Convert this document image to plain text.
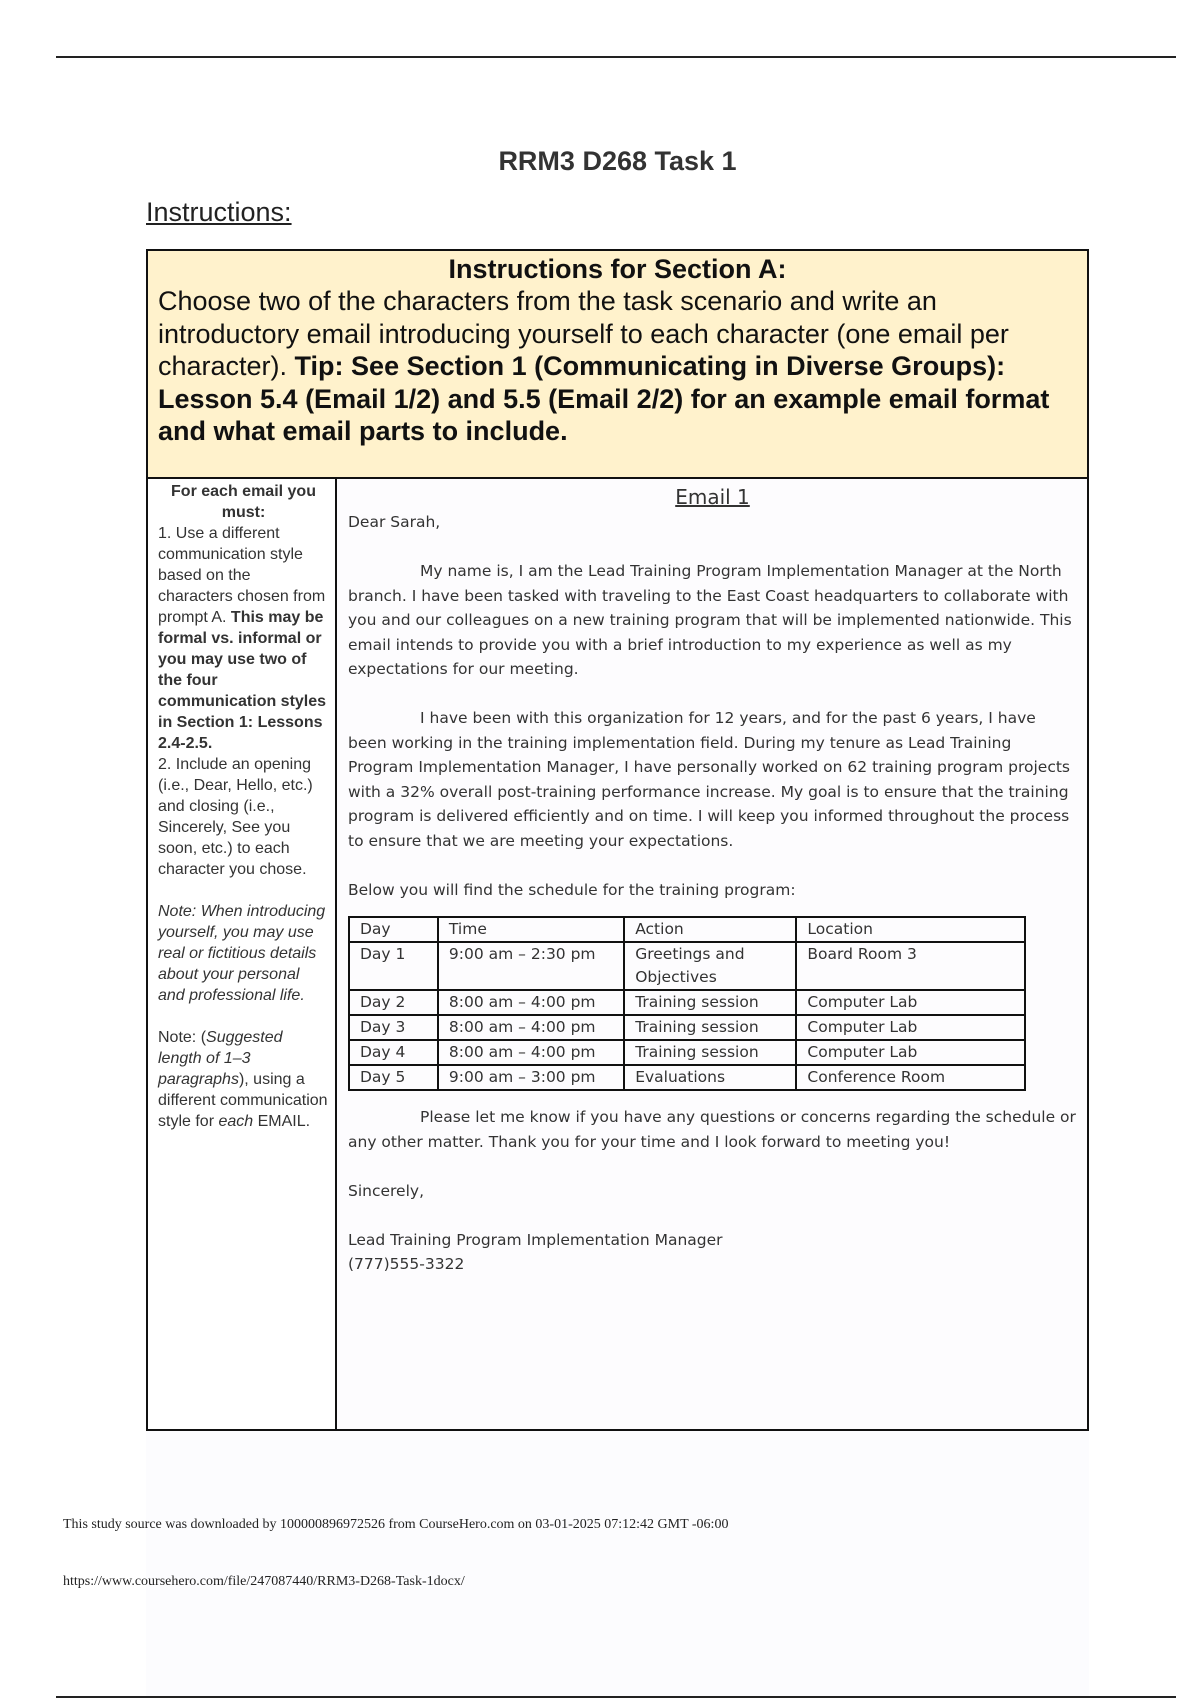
RRM3 D268 Task 1
Instructions:
Instructions for Section A:
Choose two of the characters from the task scenario and write an introductory email introducing yourself to each character (one email per character). Tip: See Section 1 (Communicating in Diverse Groups): Lesson 5.4 (Email 1/2) and 5.5 (Email 2/2) for an example email format and what email parts to include.
For each email you must:

1. Use a different communication style based on the characters chosen from prompt A. This may be formal vs. informal or you may use two of the four communication styles in Section 1: Lessons 2.4-2.5.

2. Include an opening (i.e., Dear, Hello, etc.) and closing (i.e., Sincerely, See you soon, etc.) to each character you chose.

Note: When introducing yourself, you may use real or fictitious details about your personal and professional life.

Note: (Suggested length of 1–3 paragraphs), using a different communication style for each EMAIL.

Email 1

Dear Sarah,

My name is, I am the Lead Training Program Implementation Manager at the North branch. I have been tasked with traveling to the East Coast headquarters to collaborate with you and our colleagues on a new training program that will be implemented nationwide. This email intends to provide you with a brief introduction to my experience as well as my expectations for our meeting.

I have been with this organization for 12 years, and for the past 6 years, I have been working in the training implementation field. During my tenure as Lead Training Program Implementation Manager, I have personally worked on 62 training program projects with a 32% overall post-training performance increase. My goal is to ensure that the training program is delivered efficiently and on time. I will keep you informed throughout the process to ensure that we are meeting your expectations.

Below you will find the schedule for the training program:

Day	Time	Action	Location
Day 1	9:00 am – 2:30 pm	Greetings and Objectives	Board Room 3
Day 2	8:00 am – 4:00 pm	Training session	Computer Lab
Day 3	8:00 am – 4:00 pm	Training session	Computer Lab
Day 4	8:00 am – 4:00 pm	Training session	Computer Lab
Day 5	9:00 am – 3:00 pm	Evaluations	Conference Room

Please let me know if you have any questions or concerns regarding the schedule or any other matter. Thank you for your time and I look forward to meeting you!

Sincerely,

Lead Training Program Implementation Manager

(777)555-3322

This study source was downloaded by 100000896972526 from CourseHero.com on 03-01-2025 07:12:42 GMT -06:00
https://www.coursehero.com/file/247087440/RRM3-D268-Task-1docx/
